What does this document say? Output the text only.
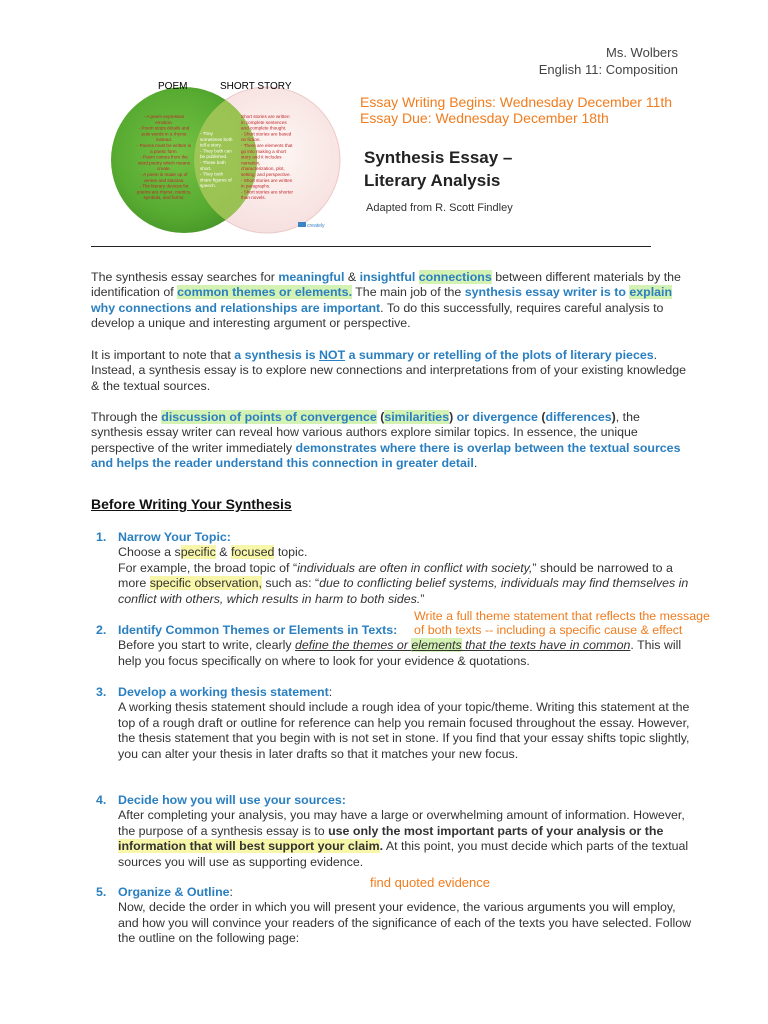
Ms. Wolbers
English 11: Composition
POEM	SHORT STORY
- A poem expresses
emotion.
- Poem stops details and
puts words in a rhyme
instead.
- Poems must be written in
a poetic form.
- Poem comes from the
word poetry which means
create.
- A poem is made up of
verses and stanzas.
- The literary devices for
poems are rhyme, metrics,
symbols, and forms.
- They
sometimes both
tell a story.
- They both can
be published.
- These both
short.
- They both
share figures of
speech.
Short stories are written
in complete sentences
and complete thought.
- Short stories are based
on fiction.
- There are elements that
go into making a short
story and it includes
narration,
characterization, plot,
setting, and perspective.
- Short stories are written
in paragraphs.
- Short stories are shorter
than novels.
creately
Essay Writing Begins: Wednesday December 11th
Essay Due: Wednesday December 18th
Synthesis Essay –
Literary Analysis
Adapted from R. Scott Findley
The synthesis essay searches for meaningful & insightful connections between different materials by the identification of common themes or elements. The main job of the synthesis essay writer is to explain why connections and relationships are important. To do this successfully, requires careful analysis to develop a unique and interesting argument or perspective.
It is important to note that a synthesis is NOT a summary or retelling of the plots of literary pieces. Instead, a synthesis essay is to explore new connections and interpretations from of your existing knowledge & the textual sources.
Through the discussion of points of convergence (similarities) or divergence (differences), the synthesis essay writer can reveal how various authors explore similar topics. In essence, the unique perspective of the writer immediately demonstrates where there is overlap between the textual sources and helps the reader understand this connection in greater detail.
Before Writing Your Synthesis
1. Narrow Your Topic:
Choose a specific & focused topic.
For example, the broad topic of “individuals are often in conflict with society,” should be narrowed to a more specific observation, such as: “due to conflicting belief systems, individuals may find themselves in conflict with others, which results in harm to both sides.”
Write a full theme statement that reflects the message
of both texts -- including a specific cause & effect
2. Identify Common Themes or Elements in Texts:
Before you start to write, clearly define the themes or elements that the texts have in common. This will help you focus specifically on where to look for your evidence & quotations.
3. Develop a working thesis statement:
A working thesis statement should include a rough idea of your topic/theme. Writing this statement at the top of a rough draft or outline for reference can help you remain focused throughout the essay. However, the thesis statement that you begin with is not set in stone. If you find that your essay shifts topic slightly, you can alter your thesis in later drafts so that it matches your new focus.
4. Decide how you will use your sources:
After completing your analysis, you may have a large or overwhelming amount of information. However, the purpose of a synthesis essay is to use only the most important parts of your analysis or the information that will best support your claim. At this point, you must decide which parts of the textual sources you will use as supporting evidence.
find quoted evidence
5. Organize & Outline:
Now, decide the order in which you will present your evidence, the various arguments you will employ, and how you will convince your readers of the significance of each of the texts you have selected. Follow the outline on the following page:
